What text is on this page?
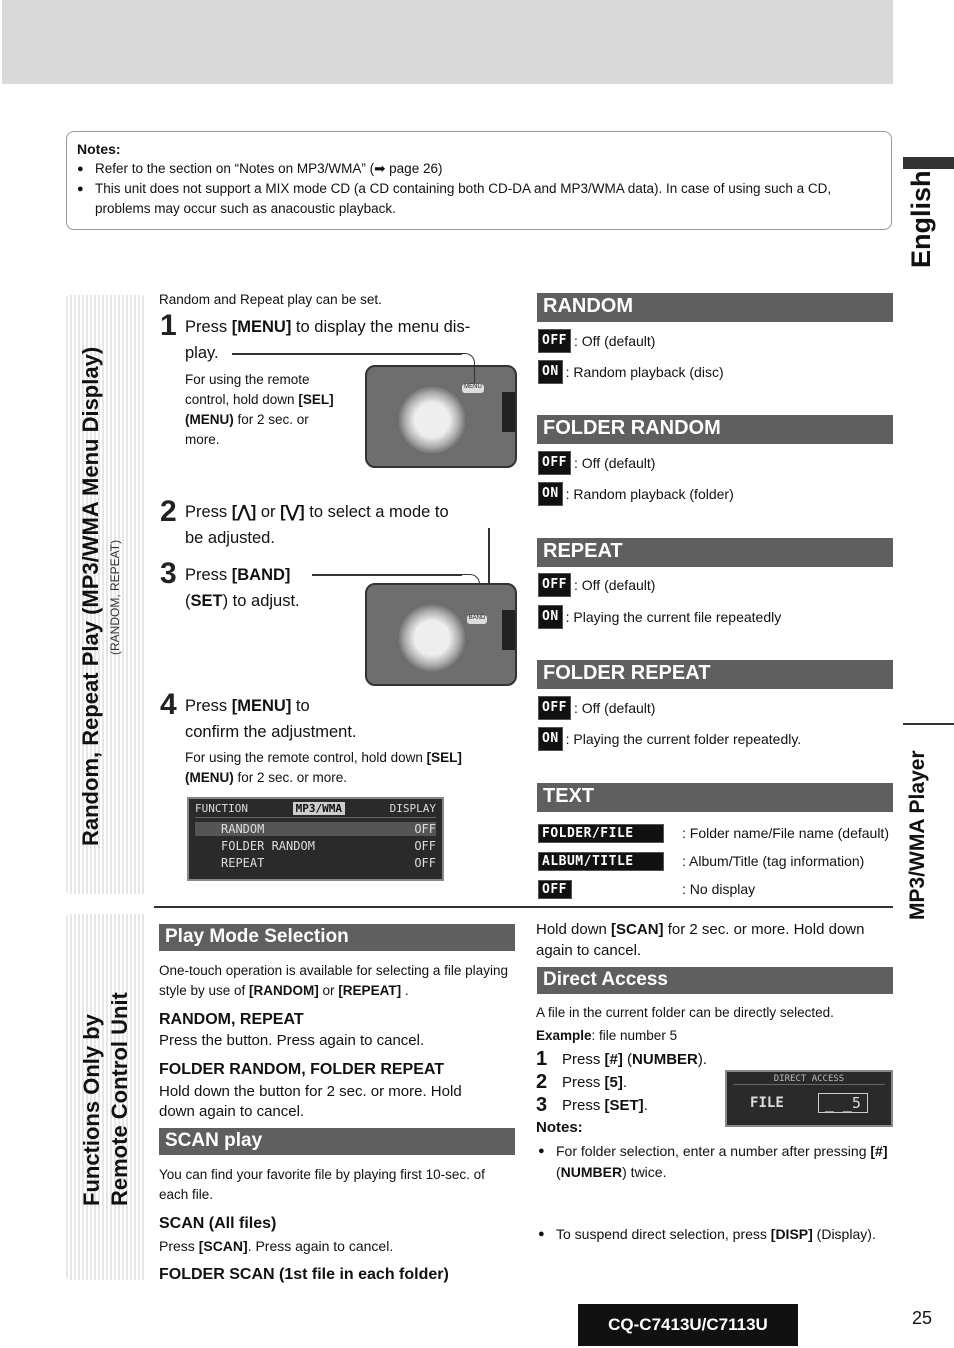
Notes:
● Refer to the section on “Notes on MP3/WMA” (➡ page 26)
● This unit does not support a MIX mode CD (a CD containing both CD-DA and MP3/WMA data). In case of using such a CD, problems may occur such as anacoustic playback.	English
MP3/WMA Player
Random, Repeat Play (MP3/WMA Menu Display) (RANDOM, REPEAT)
Random and Repeat play can be set.
1 Press [MENU] to display the menu dis-
play.
For using the remote control, hold down [SEL] (MENU) for 2 sec. or more.
MENU
2 Press [⋀] or [⋁] to select a mode to
be adjusted.
3 Press [BAND]
(SET) to adjust.
BAND
4 Press [MENU] to
confirm the adjustment.
For using the remote control, hold down [SEL] (MENU) for 2 sec. or more.
FUNCTION	MP3/WMA	DISPLAY
RANDOM	OFF
FOLDER RANDOM	OFF
REPEAT	OFF
RANDOM
OFF : Off (default)
ON : Random playback (disc)
FOLDER RANDOM
OFF : Off (default)
ON : Random playback (folder)
REPEAT
OFF : Off (default)
ON : Playing the current file repeatedly
FOLDER REPEAT
OFF : Off (default)
ON : Playing the current folder repeatedly.
TEXT
FOLDER/FILE	: Folder name/File name (default)
ALBUM/TITLE	: Album/Title (tag information)
OFF	: No display
Functions Only by Remote Control Unit
Play Mode Selection
One-touch operation is available for selecting a file playing style by use of [RANDOM] or [REPEAT] .
RANDOM, REPEAT
Press the button. Press again to cancel.
FOLDER RANDOM, FOLDER REPEAT
Hold down the button for 2 sec. or more. Hold down again to cancel.
SCAN play
You can find your favorite file by playing first 10-sec. of each file.
SCAN (All files)
Press [SCAN]. Press again to cancel.
FOLDER SCAN (1st file in each folder)
Hold down [SCAN] for 2 sec. or more. Hold down again to cancel.
Direct Access
A file in the current folder can be directly selected.
Example: file number 5
1 Press [#] (NUMBER).
2 Press [5].
3 Press [SET].
DIRECT ACCESS
FILE	_ _5
Notes:
● For folder selection, enter a number after pressing [#] (NUMBER) twice.
● To suspend direct selection, press [DISP] (Display).
CQ-C7413U/C7113U	25
